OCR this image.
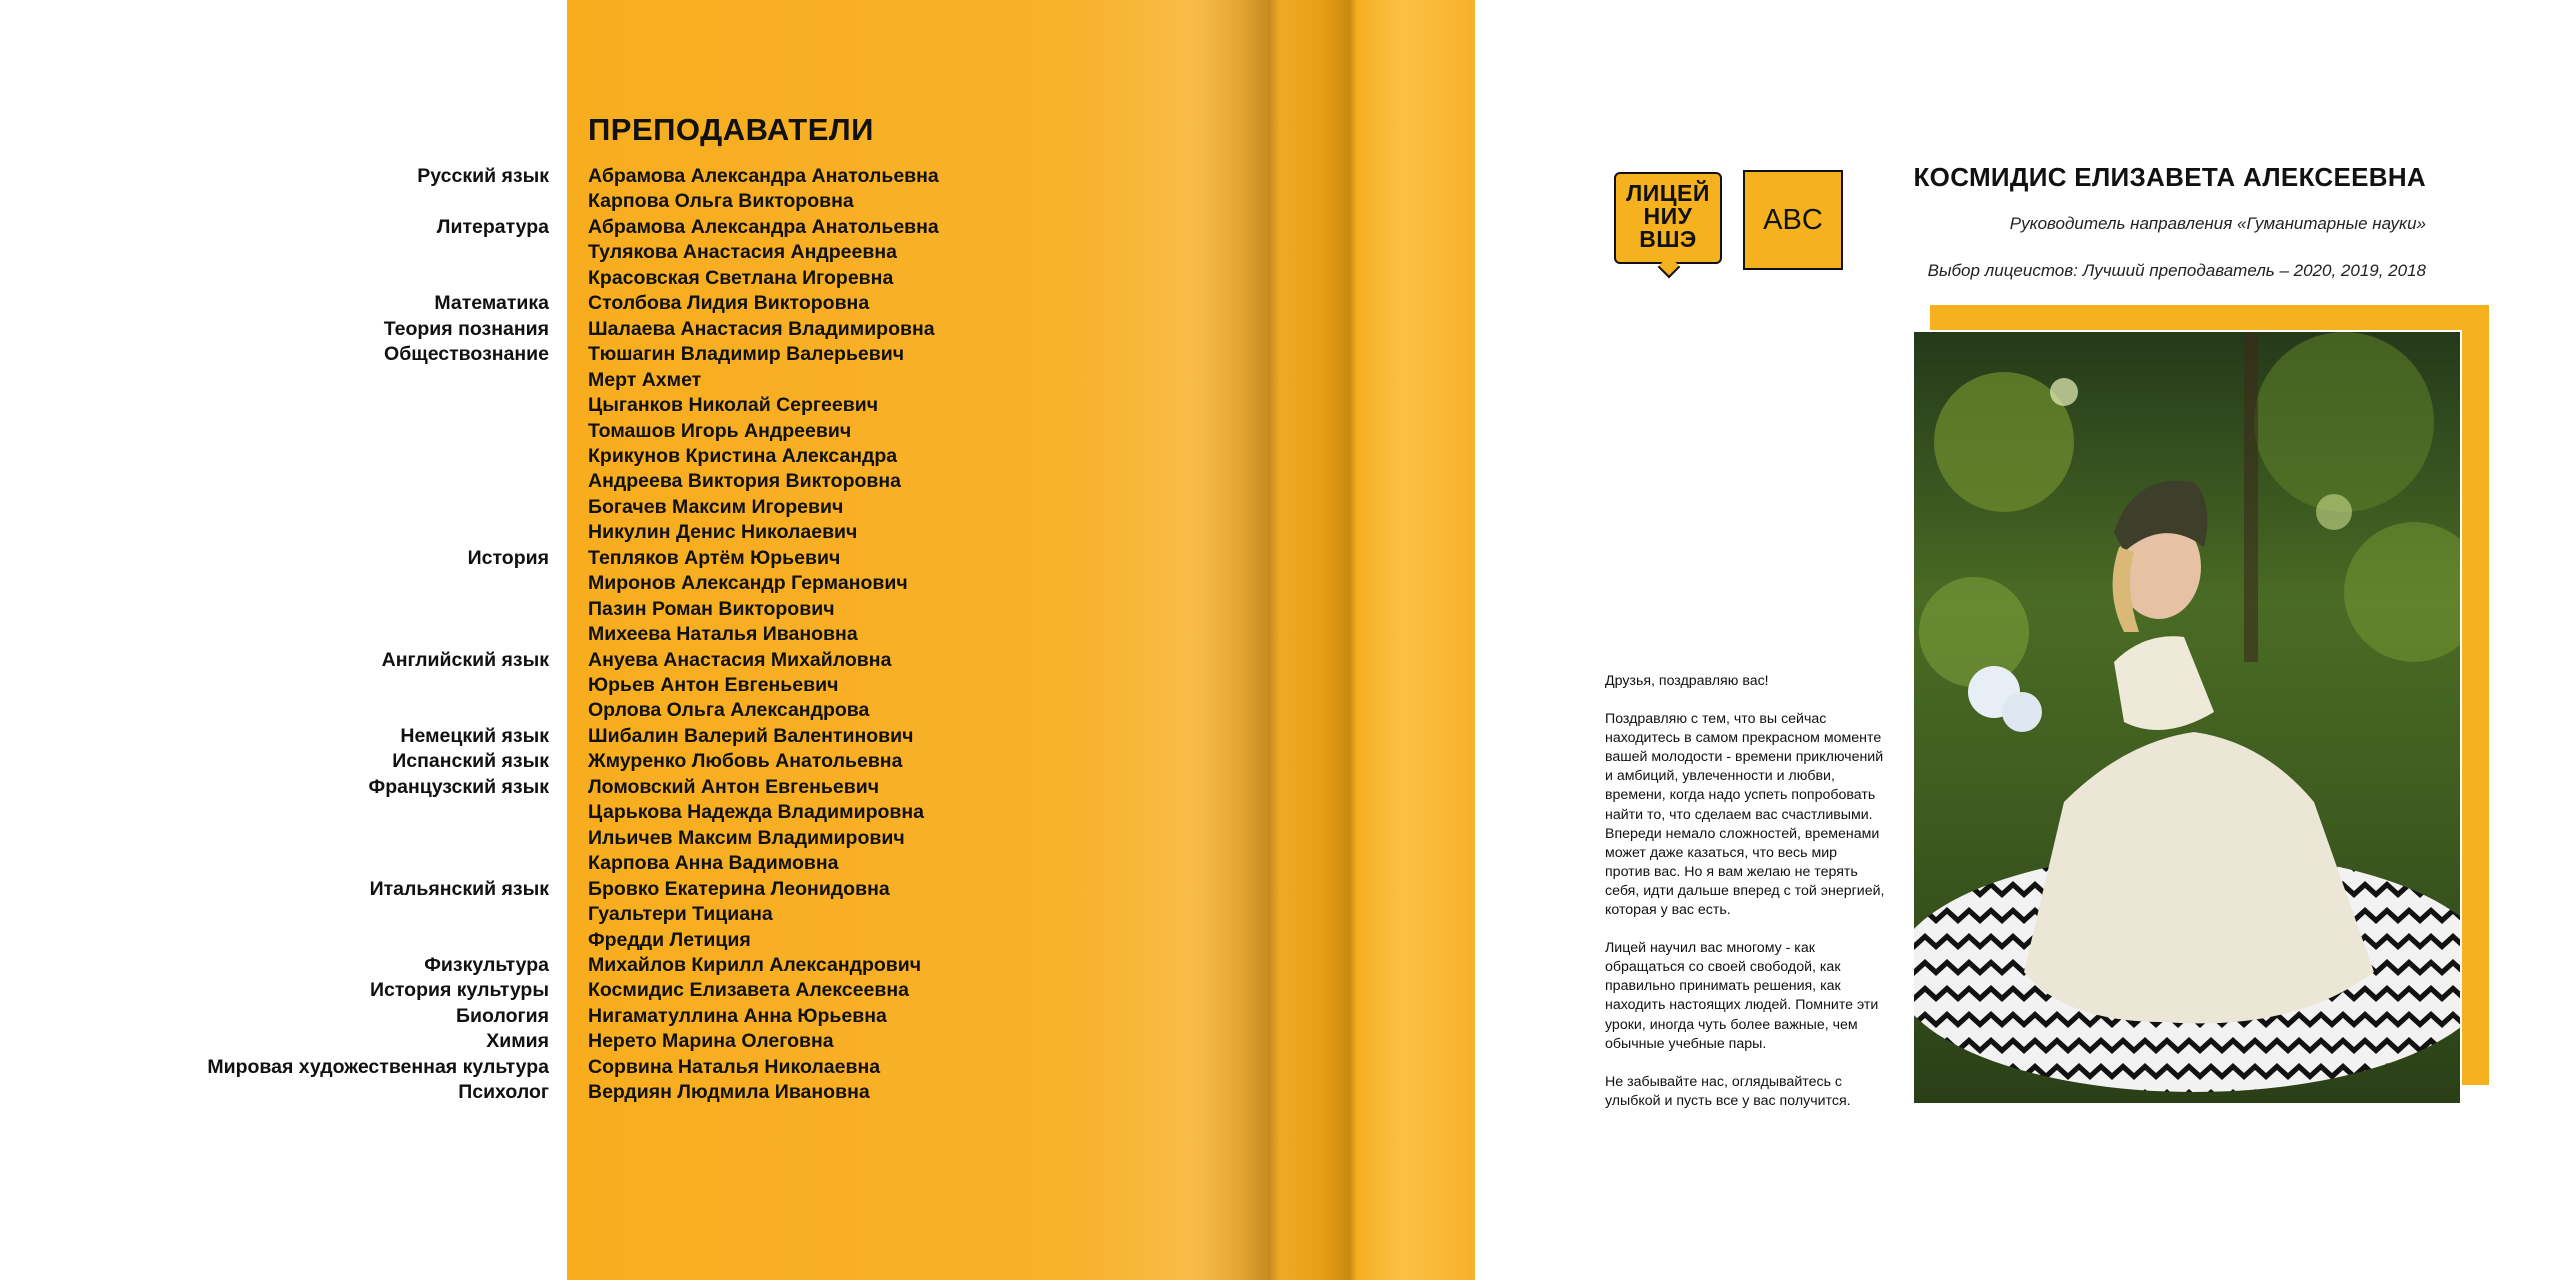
ПРЕПОДАВАТЕЛИ
Русский язык Абрамова Александра Анатольевна
Карпова Ольга Викторовна
Литература Абрамова Александра Анатольевна
Тулякова Анастасия Андреевна
Красовская Светлана Игоревна
Математика Столбова Лидия Викторовна
Теория познания Шалаева Анастасия Владимировна
Обществознание Тюшагин Владимир Валерьевич
Мерт Ахмет
Цыганков Николай Сергеевич
Томашов Игорь Андреевич
Крикунов Кристина Александра
Андреева Виктория Викторовна
Богачев Максим Игоревич
Никулин Денис Николаевич
История Тепляков Артём Юрьевич
Миронов Александр Германович
Пазин Роман Викторович
Михеева Наталья Ивановна
Английский язык Ануева Анастасия Михайловна
Юрьев Антон Евгеньевич
Орлова Ольга Александрова
Немецкий язык Шибалин Валерий Валентинович
Испанский язык Жмуренко Любовь Анатольевна
Французский язык Ломовский Антон Евгеньевич
Царькова Надежда Владимировна
Ильичев Максим Владимирович
Карпова Анна Вадимовна
Итальянский язык Бровко Екатерина Леонидовна
Гуальтери Тициана
Фредди Летиция
Физкультура Михайлов Кирилл Александрович
История культуры Космидис Елизавета Алексеевна
Биология Нигаматуллина Анна Юрьевна
Химия Нерето Марина Олеговна
Мировая художественная культура Сорвина Наталья Николаевна
Психолог Вердиян Людмила Ивановна
ЛИЦЕЙ
НИУ
ВШЭ
ABC
КОСМИДИС ЕЛИЗАВЕТА АЛЕКСЕЕВНА
Руководитель направления «Гуманитарные науки»
Выбор лицеистов: Лучший преподаватель – 2020, 2019, 2018

Друзья, поздравляю вас!

Поздравляю с тем, что вы сейчас находитесь в самом прекрасном моменте вашей молодости - времени приключений и амбиций, увлеченности и любви, времени, когда надо успеть попробовать найти то, что сделаем вас счастливыми. Впереди немало сложностей, временами может даже казаться, что весь мир против вас. Но я вам желаю не терять себя, идти дальше вперед с той энергией, которая у вас есть.

Лицей научил вас многому - как обращаться со своей свободой, как правильно принимать решения, как находить настоящих людей. Помните эти уроки, иногда чуть более важные, чем обычные учебные пары.

Не забывайте нас, оглядывайтесь с улыбкой и пусть все у вас получится.
